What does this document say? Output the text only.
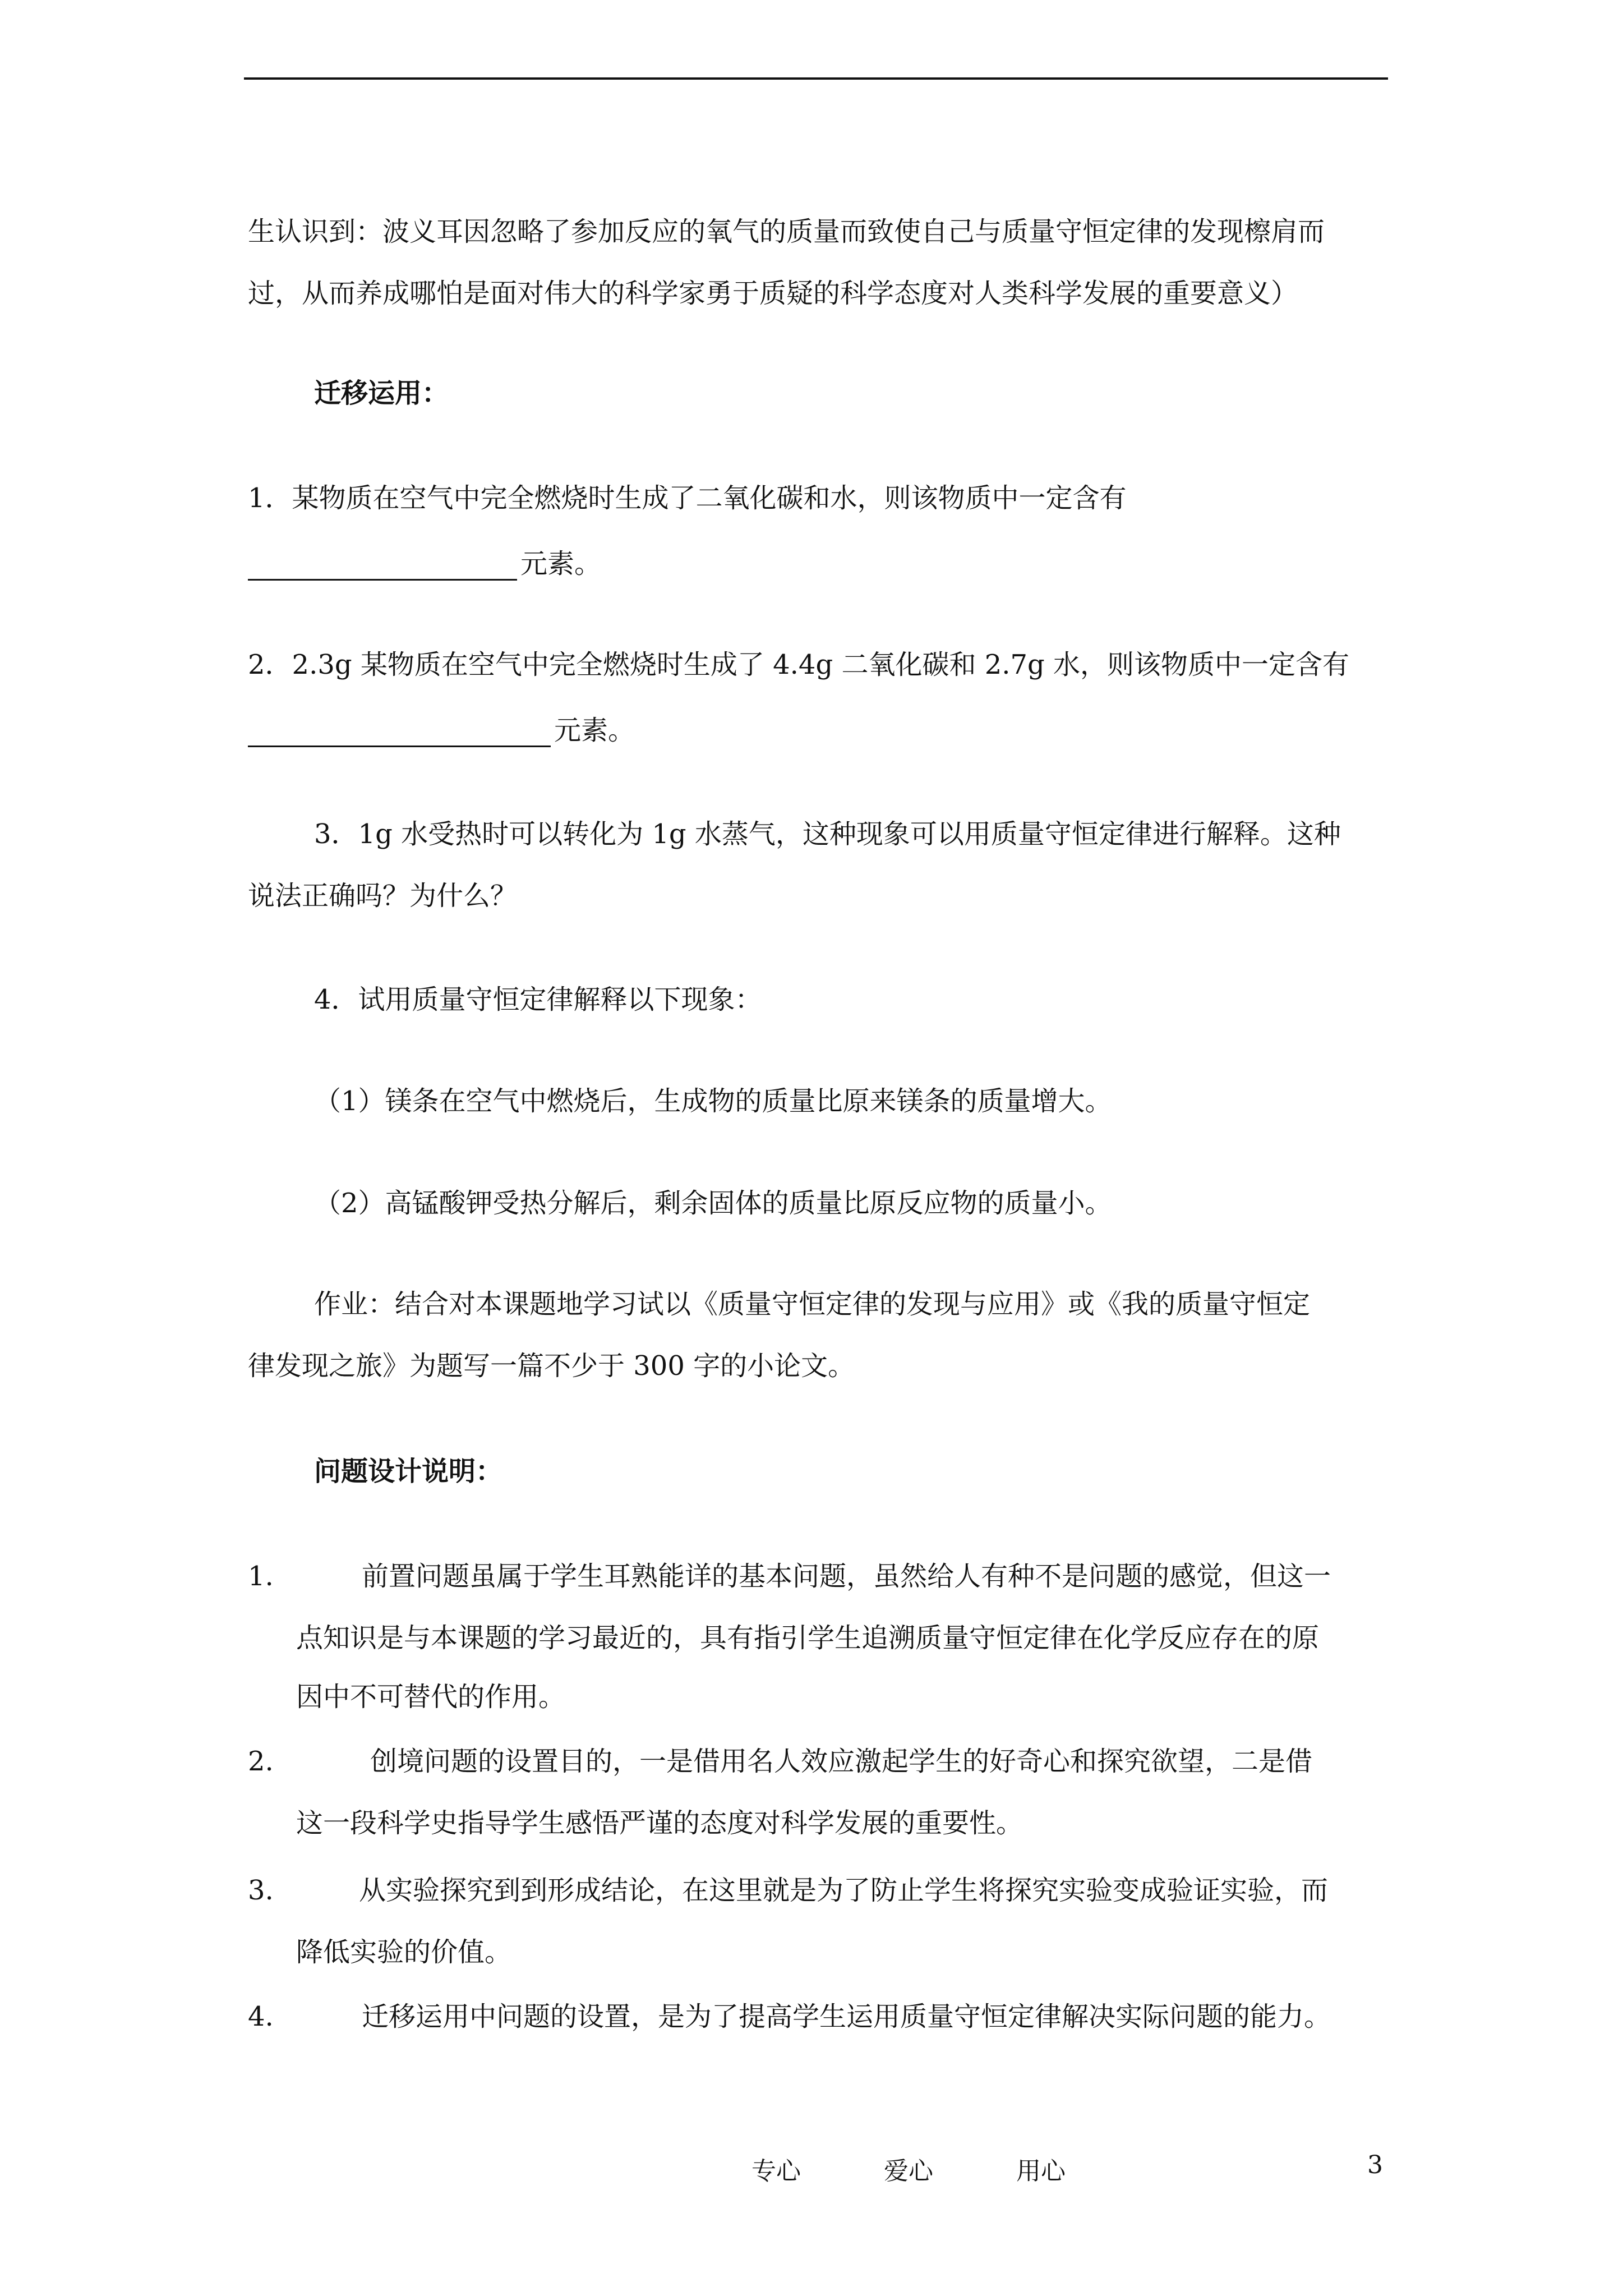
生认识到：波义耳因忽略了参加反应的氧气的质量而致使自己与质量守恒定律的发现檫肩而
过，从而养成哪怕是面对伟大的科学家勇于质疑的科学态度对人类科学发展的重要意义）
迁移运用：
1．某物质在空气中完全燃烧时生成了二氧化碳和水，则该物质中一定含有
元素。
2．2.3g 某物质在空气中完全燃烧时生成了 4.4g 二氧化碳和 2.7g 水，则该物质中一定含有
元素。
3．1g 水受热时可以转化为 1g 水蒸气，这种现象可以用质量守恒定律进行解释。这种
说法正确吗？为什么？
4．试用质量守恒定律解释以下现象：
（1）镁条在空气中燃烧后，生成物的质量比原来镁条的质量增大。
（2）高锰酸钾受热分解后，剩余固体的质量比原反应物的质量小。
作业：结合对本课题地学习试以《质量守恒定律的发现与应用》或《我的质量守恒定
律发现之旅》为题写一篇不少于 300 字的小论文。
问题设计说明：
1.	前置问题虽属于学生耳熟能详的基本问题，虽然给人有种不是问题的感觉，但这一
点知识是与本课题的学习最近的，具有指引学生追溯质量守恒定律在化学反应存在的原
因中不可替代的作用。
2.	创境问题的设置目的，一是借用名人效应激起学生的好奇心和探究欲望，二是借
这一段科学史指导学生感悟严谨的态度对科学发展的重要性。
3.	从实验探究到到形成结论，在这里就是为了防止学生将探究实验变成验证实验，而
降低实验的价值。
4.	迁移运用中问题的设置，是为了提高学生运用质量守恒定律解决实际问题的能力。
专心  爱心  用心	3
